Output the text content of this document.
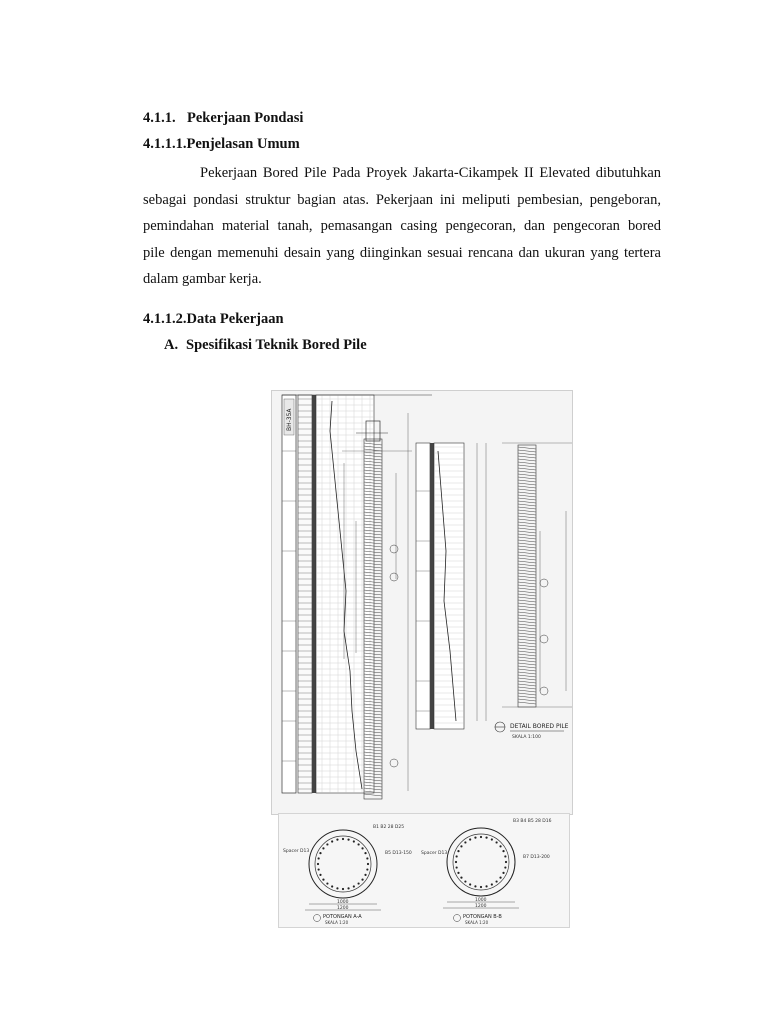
4.1.1. Pekerjaan Pondasi
4.1.1.1.Penjelasan Umum
Pekerjaan Bored Pile Pada Proyek Jakarta-Cikampek II Elevated dibutuhkan
sebagai pondasi struktur bagian atas. Pekerjaan ini meliputi pembesian, pengeboran,
pemindahan material tanah, pemasangan casing pengecoran, dan pengecoran bored
pile dengan memenuhi desain yang diinginkan sesuai rencana dan ukuran yang tertera
dalam gambar kerja.
4.1.1.2.Data Pekerjaan
A. Spesifikasi Teknik Bored Pile
BH-35A
DETAIL BORED PILE
SKALA 1:100
Spacer D13
B1 B2 28 D25
B5 D13-150
1000
1200
POTONGAN A-A
SKALA 1:20
Spacer D13
B3 B4 B5 28 D16
B7 D13-200
1000
1200
POTONGAN B-B
SKALA 1:20
